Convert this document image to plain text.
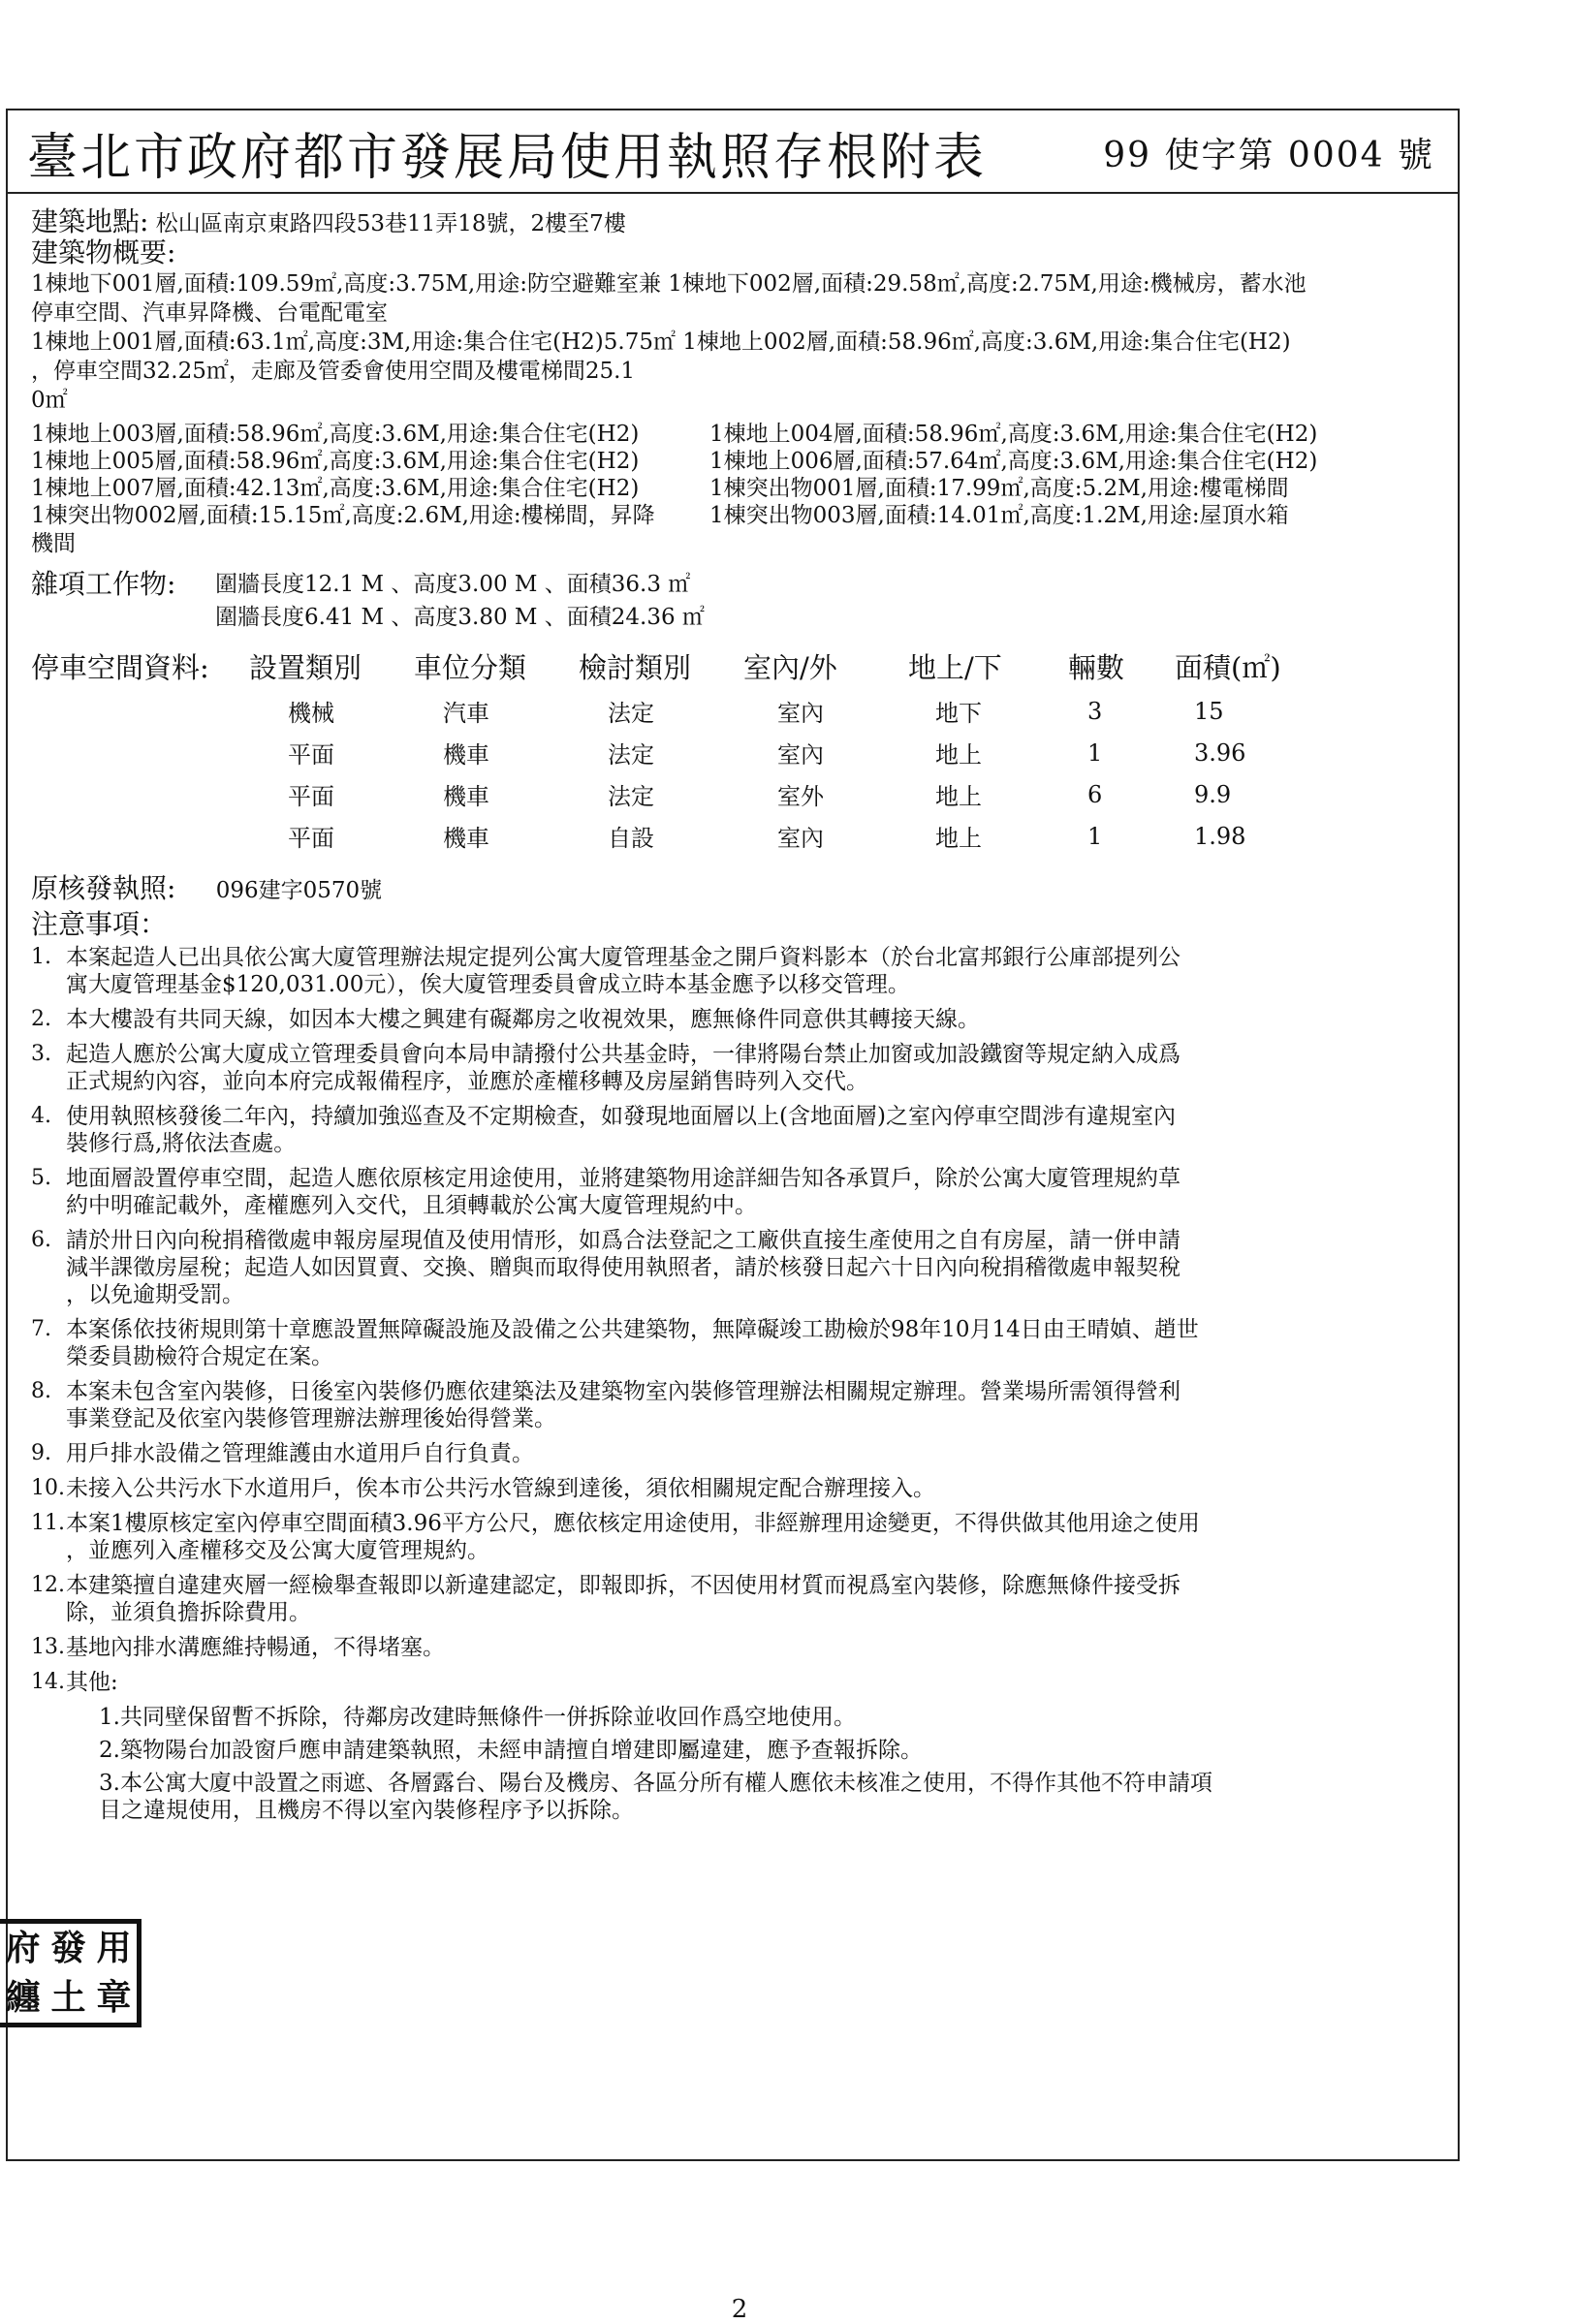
臺北市政府都市發展局使用執照存根附表	99 使字第 0004 號
建築地點: 松山區南京東路四段53巷11弄18號，2樓至7樓
建築物概要:
1棟地下001層,面積:109.59㎡,高度:3.75M,用途:防空避難室兼 1棟地下002層,面積:29.58㎡,高度:2.75M,用途:機械房，蓄水池
停車空間、汽車昇降機、台電配電室
1棟地上001層,面積:63.1㎡,高度:3M,用途:集合住宅(H2)5.75㎡ 1棟地上002層,面積:58.96㎡,高度:3.6M,用途:集合住宅(H2)
，停車空間32.25㎡，走廊及管委會使用空間及樓電梯間25.1
0㎡
1棟地上003層,面積:58.96㎡,高度:3.6M,用途:集合住宅(H2)	1棟地上004層,面積:58.96㎡,高度:3.6M,用途:集合住宅(H2)
1棟地上005層,面積:58.96㎡,高度:3.6M,用途:集合住宅(H2)	1棟地上006層,面積:57.64㎡,高度:3.6M,用途:集合住宅(H2)
1棟地上007層,面積:42.13㎡,高度:3.6M,用途:集合住宅(H2)	1棟突出物001層,面積:17.99㎡,高度:5.2M,用途:樓電梯間
1棟突出物002層,面積:15.15㎡,高度:2.6M,用途:樓梯間，昇降	1棟突出物003層,面積:14.01㎡,高度:1.2M,用途:屋頂水箱
機間
雜項工作物:	圍牆長度12.1 M 、高度3.00 M 、面積36.3 ㎡
圍牆長度6.41 M 、高度3.80 M 、面積24.36 ㎡
停車空間資料:	設置類別	車位分類	檢討類別	室內/外	地上/下	輛數	面積(㎡)
	機械	汽車	法定	室內	地下	3	15
	平面	機車	法定	室內	地上	1	3.96
	平面	機車	法定	室外	地上	6	9.9
	平面	機車	自設	室內	地上	1	1.98
原核發執照: 096建字0570號
注意事項：
1. 本案起造人已出具依公寓大廈管理辦法規定提列公寓大廈管理基金之開戶資料影本（於台北富邦銀行公庫部提列公
寓大廈管理基金$120,031.00元），俟大廈管理委員會成立時本基金應予以移交管理。
2. 本大樓設有共同天線，如因本大樓之興建有礙鄰房之收視效果，應無條件同意供其轉接天線。
3. 起造人應於公寓大廈成立管理委員會向本局申請撥付公共基金時，一律將陽台禁止加窗或加設鐵窗等規定納入成爲
正式規約內容，並向本府完成報備程序，並應於產權移轉及房屋銷售時列入交代。
4. 使用執照核發後二年內，持續加強巡查及不定期檢查，如發現地面層以上(含地面層)之室內停車空間涉有違規室內
裝修行爲,將依法查處。
5. 地面層設置停車空間，起造人應依原核定用途使用，並將建築物用途詳細告知各承買戶，除於公寓大廈管理規約草
約中明確記載外，產權應列入交代，且須轉載於公寓大廈管理規約中。
6. 請於卅日內向稅捐稽徵處申報房屋現值及使用情形，如爲合法登記之工廠供直接生產使用之自有房屋，請一併申請
減半課徵房屋稅；起造人如因買賣、交換、贈與而取得使用執照者，請於核發日起六十日內向稅捐稽徵處申報契稅
，以免逾期受罰。
7. 本案係依技術規則第十章應設置無障礙設施及設備之公共建築物，無障礙竣工勘檢於98年10月14日由王晴媜、趙世
榮委員勘檢符合規定在案。
8. 本案未包含室內裝修，日後室內裝修仍應依建築法及建築物室內裝修管理辦法相關規定辦理。營業場所需領得營利
事業登記及依室內裝修管理辦法辦理後始得營業。
9. 用戶排水設備之管理維護由水道用戶自行負責。
10. 未接入公共污水下水道用戶，俟本市公共污水管線到達後，須依相關規定配合辦理接入。
11. 本案1樓原核定室內停車空間面積3.96平方公尺，應依核定用途使用，非經辦理用途變更，不得供做其他用途之使用
，並應列入產權移交及公寓大廈管理規約。
12. 本建築擅自違建夾層一經檢舉查報即以新違建認定，即報即拆，不因使用材質而視爲室內裝修，除應無條件接受拆
除，並須負擔拆除費用。
13. 基地內排水溝應維持暢通，不得堵塞。
14. 其他:
1.共同壁保留暫不拆除，待鄰房改建時無條件一併拆除並收回作爲空地使用。
2.築物陽台加設窗戶應申請建築執照，未經申請擅自增建即屬違建，應予查報拆除。
3.本公寓大廈中設置之雨遮、各層露台、陽台及機房、各區分所有權人應依未核准之使用，不得作其他不符申請項
目之違規使用，且機房不得以室內裝修程序予以拆除。
2
府 發 用
纏 土 章
